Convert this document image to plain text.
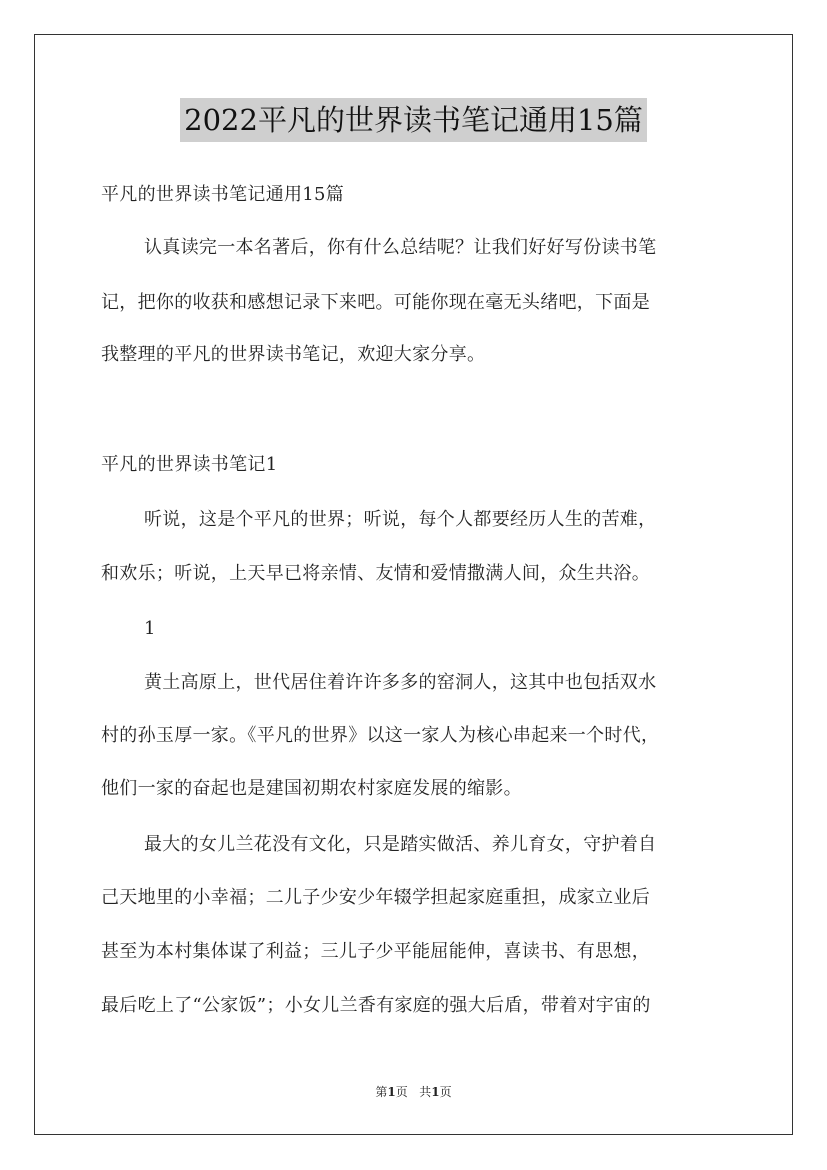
2022平凡的世界读书笔记通用15篇
平凡的世界读书笔记通用15篇
认真读完一本名著后，你有什么总结呢？让我们好好写份读书笔
记，把你的收获和感想记录下来吧。可能你现在毫无头绪吧，下面是
我整理的平凡的世界读书笔记，欢迎大家分享。
平凡的世界读书笔记1
听说，这是个平凡的世界；听说，每个人都要经历人生的苦难，
和欢乐；听说，上天早已将亲情、友情和爱情撒满人间，众生共浴。
1
黄土高原上，世代居住着许许多多的窑洞人，这其中也包括双水
村的孙玉厚一家。《平凡的世界》以这一家人为核心串起来一个时代，
他们一家的奋起也是建国初期农村家庭发展的缩影。
最大的女儿兰花没有文化，只是踏实做活、养儿育女，守护着自
己天地里的小幸福；二儿子少安少年辍学担起家庭重担，成家立业后
甚至为本村集体谋了利益；三儿子少平能屈能伸，喜读书、有思想，
最后吃上了“公家饭”；小女儿兰香有家庭的强大后盾，带着对宇宙的
第1页 共1页
